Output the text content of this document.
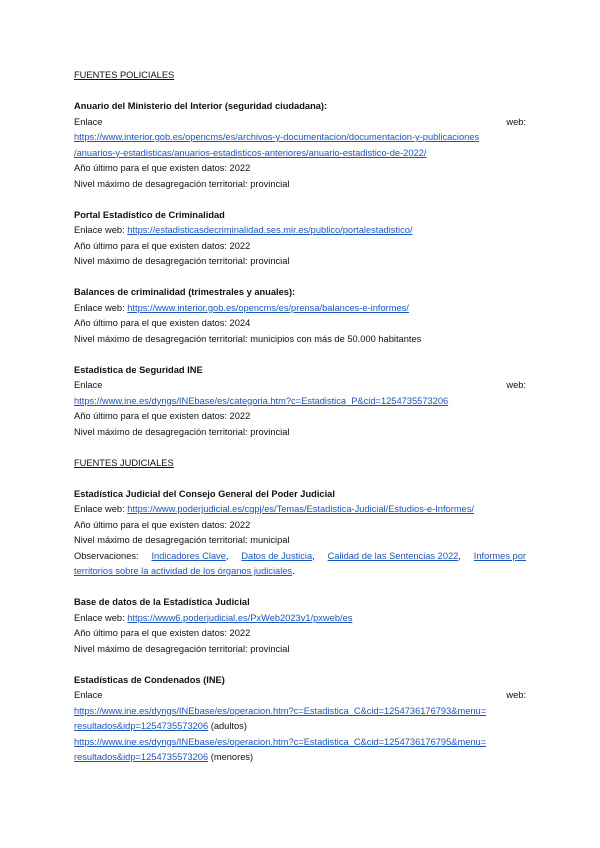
FUENTES POLICIALES
Anuario del Ministerio del Interior (seguridad ciudadana):
Enlace	web:
https://www.interior.gob.es/opencms/es/archivos-y-documentacion/documentacion-y-publicaciones
/anuarios-y-estadisticas/anuarios-estadisticos-anteriores/anuario-estadistico-de-2022/
Año último para el que existen datos: 2022
Nivel máximo de desagregación territorial: provincial
Portal Estadístico de Criminalidad
Enlace web: https://estadisticasdecriminalidad.ses.mir.es/publico/portalestadistico/
Año último para el que existen datos: 2022
Nivel máximo de desagregación territorial: provincial
Balances de criminalidad (trimestrales y anuales):
Enlace web: https://www.interior.gob.es/opencms/es/prensa/balances-e-informes/
Año último para el que existen datos: 2024
Nivel máximo de desagregación territorial: municipios con más de 50.000 habitantes
Estadística de Seguridad INE
Enlace	web:
https://www.ine.es/dyngs/INEbase/es/categoria.htm?c=Estadistica_P&cid=1254735573206
Año último para el que existen datos: 2022
Nivel máximo de desagregación territorial: provincial
FUENTES JUDICIALES
Estadística Judicial del Consejo General del Poder Judicial
Enlace web: https://www.poderjudicial.es/cgpj/es/Temas/Estadistica-Judicial/Estudios-e-Informes/
Año último para el que existen datos: 2022
Nivel máximo de desagregación territorial: municipal
Observaciones: Indicadores Clave, Datos de Justicia, Calidad de las Sentencias 2022, Informes por
territorios sobre la actividad de los órganos judiciales.
Base de datos de la Estadística Judicial
Enlace web: https://www6.poderjudicial.es/PxWeb2023v1/pxweb/es
Año último para el que existen datos: 2022
Nivel máximo de desagregación territorial: provincial
Estadísticas de Condenados (INE)
Enlace	web:
https://www.ine.es/dyngs/INEbase/es/operacion.htm?c=Estadistica_C&cid=1254736176793&menu=
resultados&idp=1254735573206 (adultos)
https://www.ine.es/dyngs/INEbase/es/operacion.htm?c=Estadistica_C&cid=1254736176795&menu=
resultados&idp=1254735573206 (menores)
